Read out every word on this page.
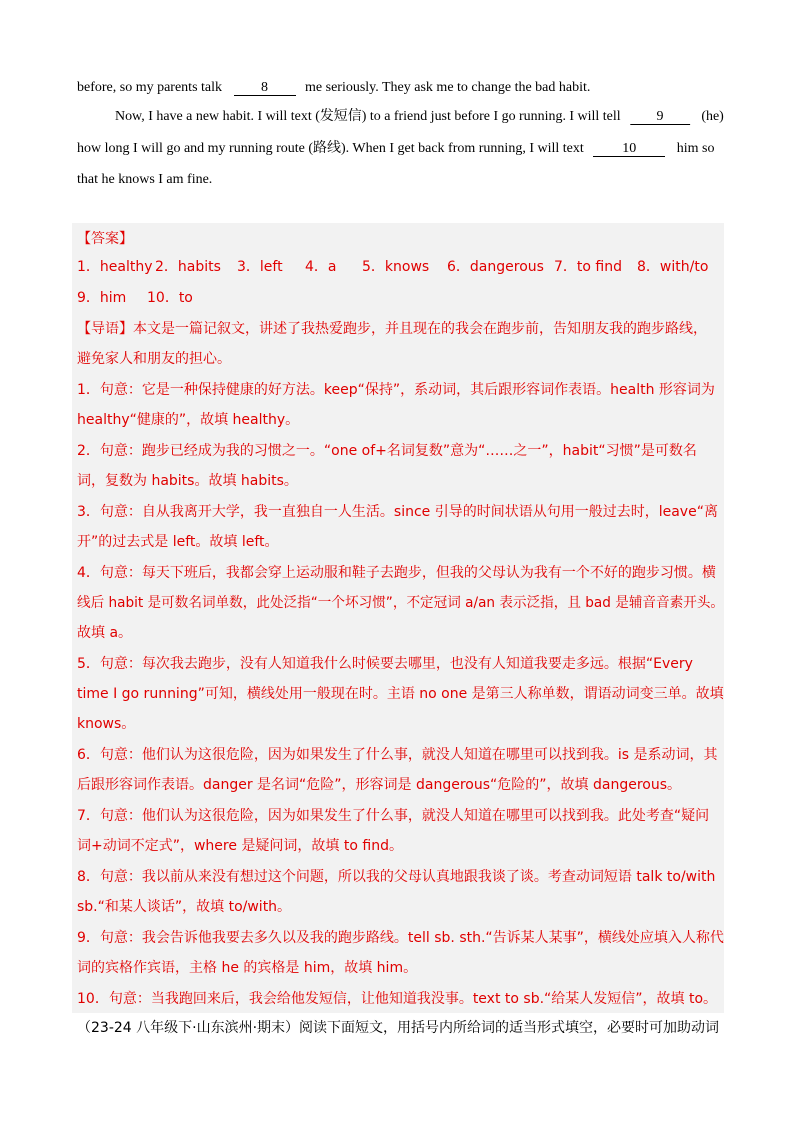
before, so my parents talk	8	me seriously. They ask me to change the bad habit.
Now, I have a new habit. I will text (发短信) to a friend just before I go running. I will tell	9	(he)
how long I will go and my running route (路线). When I get back from running, I will text	10	him so
that he knows I am fine.
【答案】
1．healthy 2．habits 3．left 4．a 5．knows 6．dangerous 7．to find 8．with/to
9．him 10．to
【导语】本文是一篇记叙文，讲述了我热爱跑步，并且现在的我会在跑步前，告知朋友我的跑步路线，
避免家人和朋友的担心。
1．句意：它是一种保持健康的好方法。keep“保持”，系动词，其后跟形容词作表语。health 形容词为
healthy“健康的”，故填 healthy。
2．句意：跑步已经成为我的习惯之一。“one of+名词复数”意为“……之一”，habit“习惯”是可数名
词，复数为 habits。故填 habits。
3．句意：自从我离开大学，我一直独自一人生活。since 引导的时间状语从句用一般过去时，leave“离
开”的过去式是 left。故填 left。
4．句意：每天下班后，我都会穿上运动服和鞋子去跑步，但我的父母认为我有一个不好的跑步习惯。横
线后 habit 是可数名词单数，此处泛指“一个坏习惯”，不定冠词 a/an 表示泛指，且 bad 是辅音音素开头。
故填 a。
5．句意：每次我去跑步，没有人知道我什么时候要去哪里，也没有人知道我要走多远。根据“Every
time I go running”可知，横线处用一般现在时。主语 no one 是第三人称单数，谓语动词变三单。故填
knows。
6．句意：他们认为这很危险，因为如果发生了什么事，就没人知道在哪里可以找到我。is 是系动词，其
后跟形容词作表语。danger 是名词“危险”，形容词是 dangerous“危险的”，故填 dangerous。
7．句意：他们认为这很危险，因为如果发生了什么事，就没人知道在哪里可以找到我。此处考查“疑问
词+动词不定式”，where 是疑问词，故填 to find。
8．句意：我以前从来没有想过这个问题，所以我的父母认真地跟我谈了谈。考查动词短语 talk to/with
sb.“和某人谈话”，故填 to/with。
9．句意：我会告诉他我要去多久以及我的跑步路线。tell sb. sth.“告诉某人某事”，横线处应填入人称代
词的宾格作宾语，主格 he 的宾格是 him，故填 him。
10．句意：当我跑回来后，我会给他发短信，让他知道我没事。text to sb.“给某人发短信”，故填 to。
（23-24 八年级下·山东滨州·期末）阅读下面短文，用括号内所给词的适当形式填空，必要时可加助动词
